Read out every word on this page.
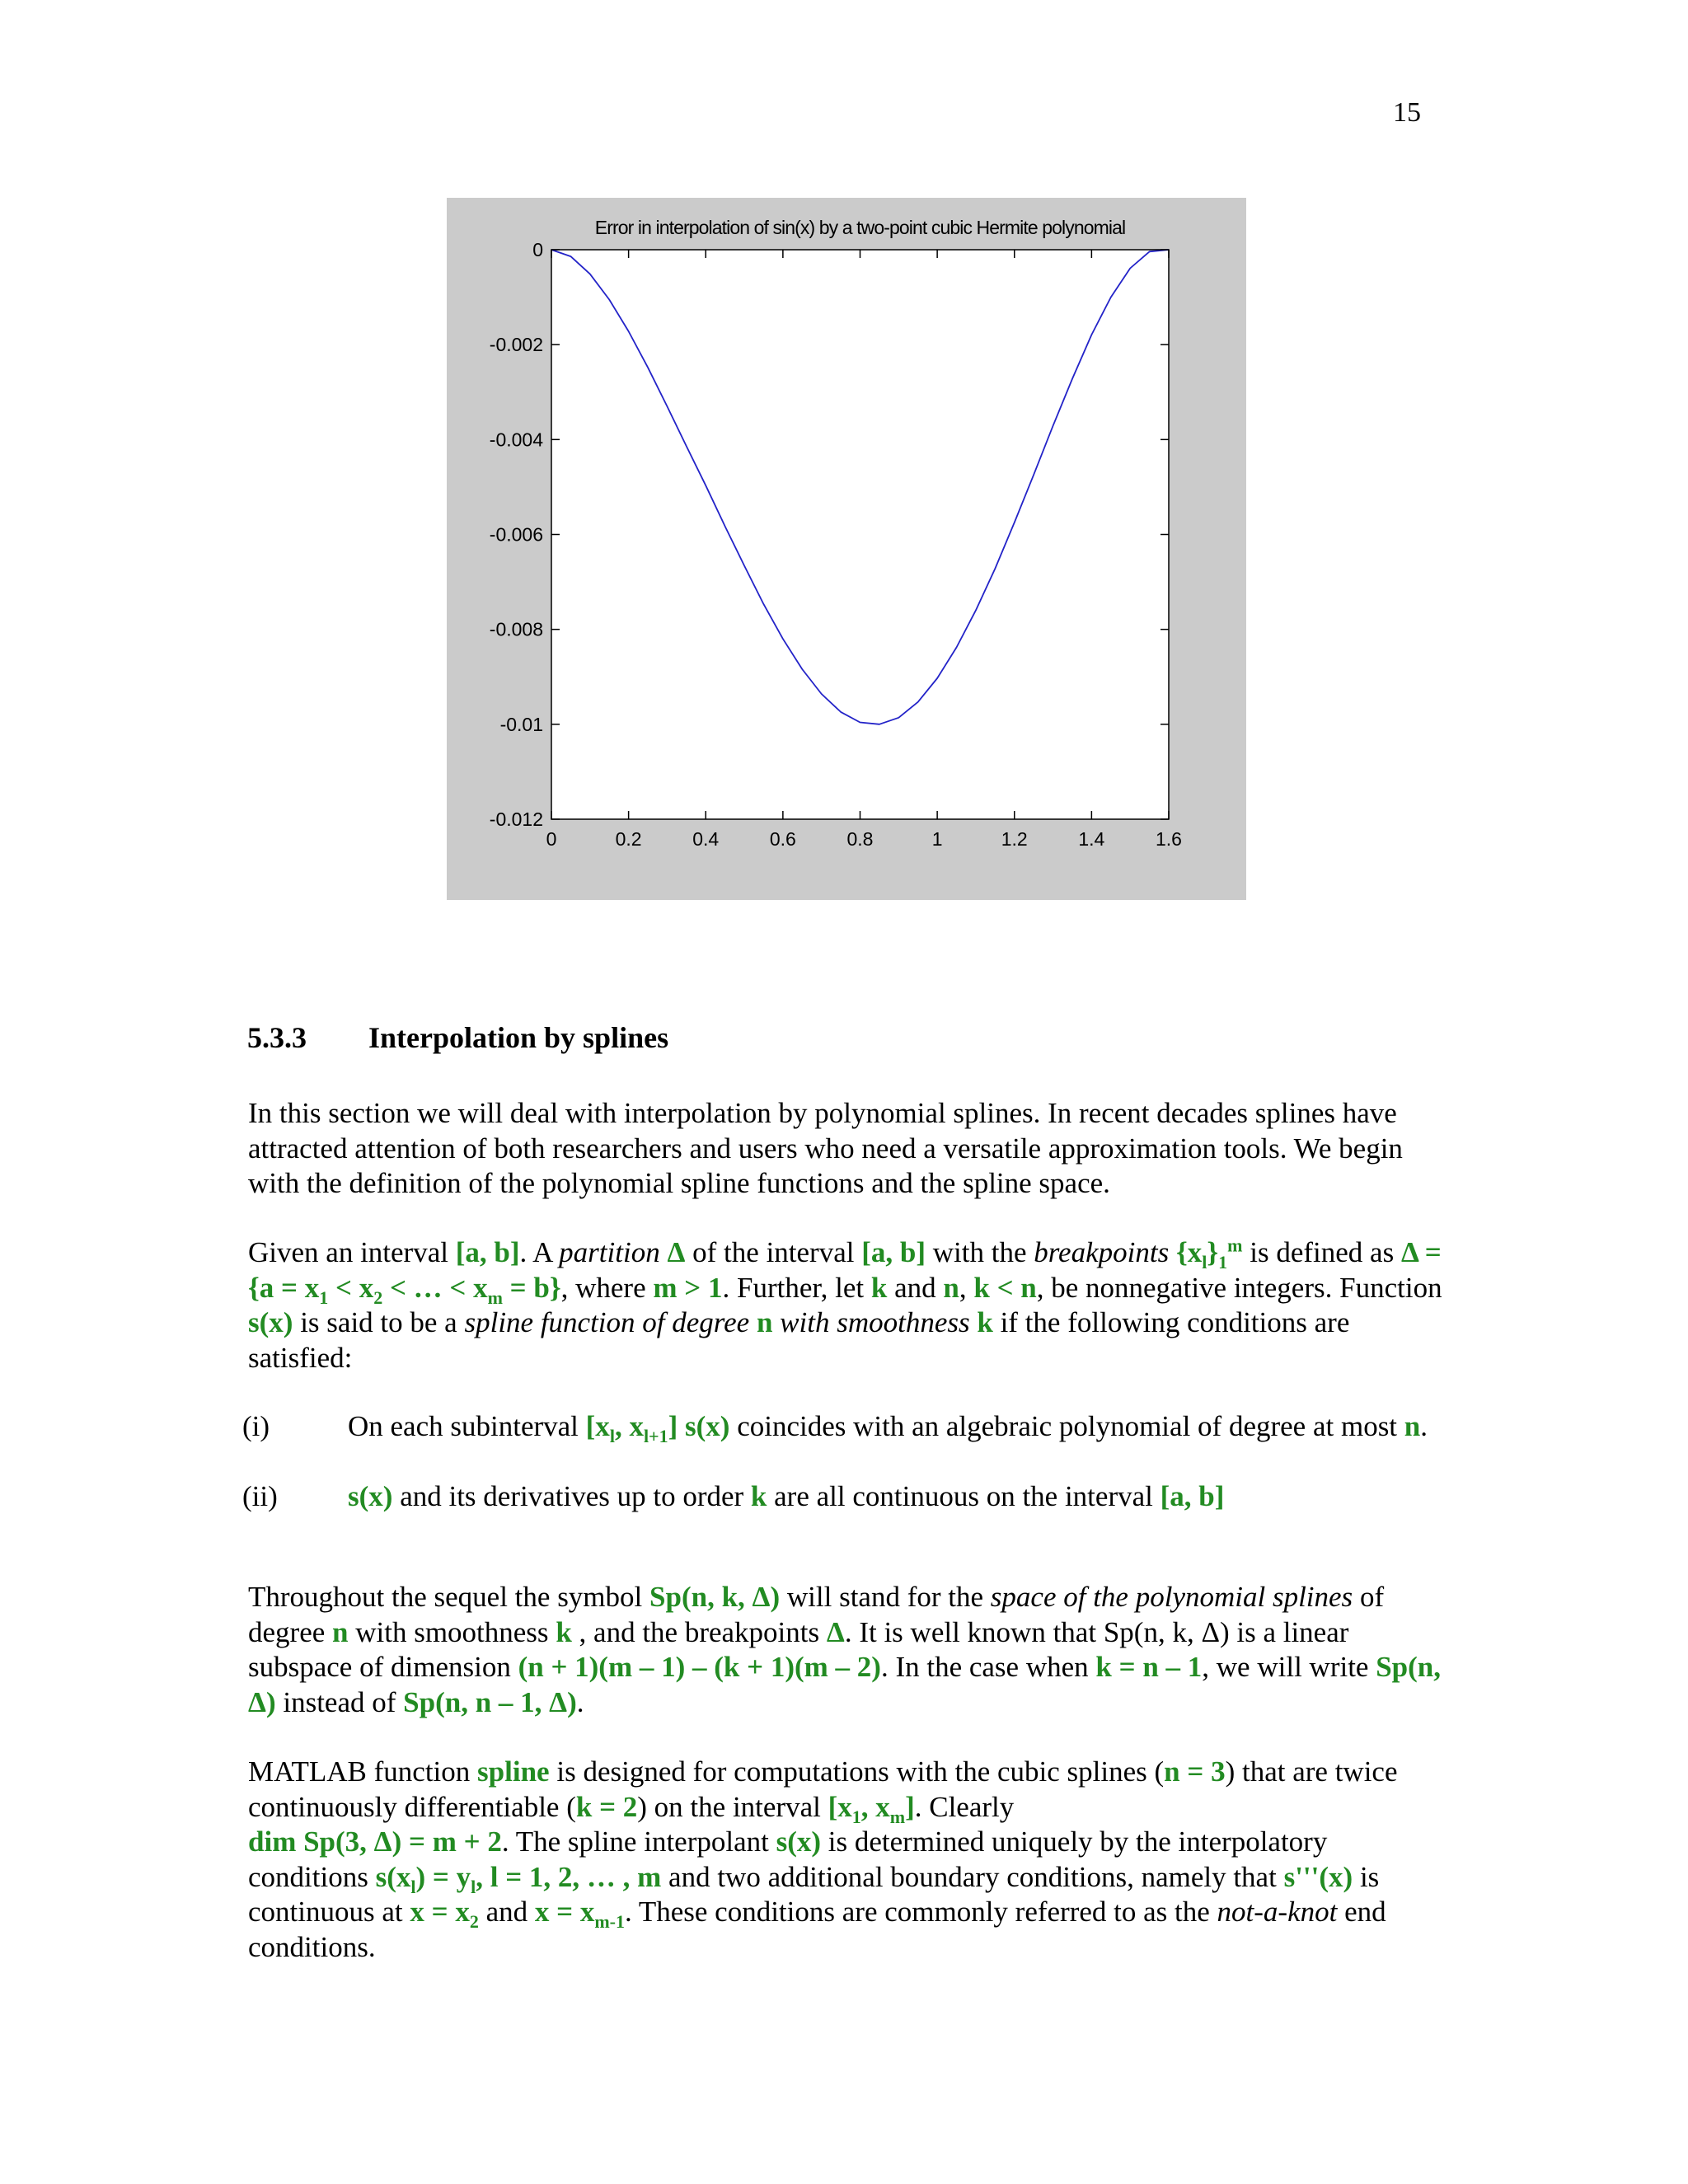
15
Error in interpolation of sin(x) by a two-point cubic Hermite polynomial
0	0.2	0.4	0.6	0.8	1	1.2	1.4	1.6
0
-0.002
-0.004
-0.006
-0.008
-0.01
-0.012
5.3.3 Interpolation by splines
In this section we will deal with interpolation by polynomial splines. In recent decades splines have attracted attention of both researchers and users who need a versatile approximation tools. We begin with the definition of the polynomial spline functions and the spline space.
Given an interval [a, b]. A partition Δ of the interval [a, b] with the breakpoints $\{x_l\}_1^m$ is defined as $\Delta = \{a = x_1 < x_2$ < … < $x_m = b$}, where m > 1. Further, let k and n, k < n, be nonnegative integers. Function s(x) is said to be a spline function of degree n with smoothness k if the following conditions are satisfied:
(i)	On each subinterval [$x_l$, $x_{l+1}$] s(x) coincides with an algebraic polynomial of degree at most n.
(ii) s(x) and its derivatives up to order k are all continuous on the interval [a, b]
Throughout the sequel the symbol Sp(n, k, Δ) will stand for the space of the polynomial splines of degree n with smoothness k , and the breakpoints Δ. It is well known that Sp(n, k, Δ) is a linear subspace of dimension (n + 1)(m – 1) – (k + 1)(m – 2). In the case when k = n – 1, we will write Sp(n, Δ) instead of Sp(n, n – 1, Δ).
MATLAB function spline is designed for computations with the cubic splines (n = 3) that are twice continuously differentiable (k = 2) on the interval [$x_1$, $x_m$]. Clearly
dim Sp(3, Δ) = m + 2. The spline interpolant s(x) is determined uniquely by the interpolatory conditions $s(x_l) = y_l$, l = 1, 2, … , m and two additional boundary conditions, namely that s'''(x) is continuous at $x = x_2$ and $x = x_{m-1}$. These conditions are commonly referred to as the not-a-knot end conditions.
